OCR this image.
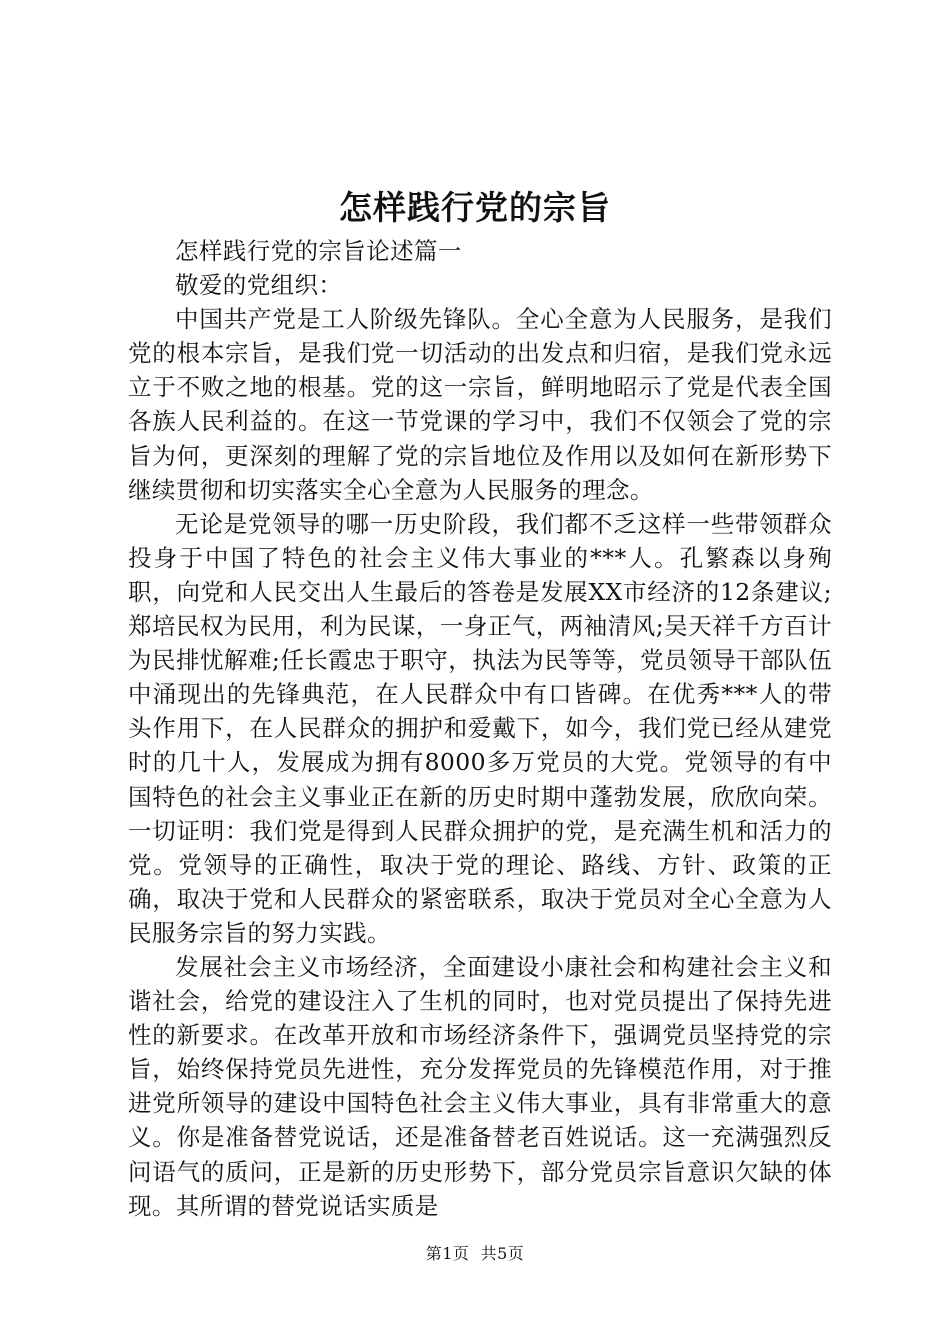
怎样践行党的宗旨

怎样践行党的宗旨论述篇一

敬爱的党组织：

中国共产党是工人阶级先锋队。全心全意为人民服务，是我们党的根本宗旨，是我们党一切活动的出发点和归宿，是我们党永远立于不败之地的根基。党的这一宗旨，鲜明地昭示了党是代表全国各族人民利益的。在这一节党课的学习中，我们不仅领会了党的宗旨为何，更深刻的理解了党的宗旨地位及作用以及如何在新形势下继续贯彻和切实落实全心全意为人民服务的理念。

无论是党领导的哪一历史阶段，我们都不乏这样一些带领群众投身于中国了特色的社会主义伟大事业的***人。孔繁森以身殉职，向党和人民交出人生最后的答卷是发展XX市经济的12条建议;郑培民权为民用，利为民谋，一身正气，两袖清风;吴天祥千方百计为民排忧解难;任长霞忠于职守，执法为民等等，党员领导干部队伍中涌现出的先锋典范，在人民群众中有口皆碑。在优秀***人的带头作用下，在人民群众的拥护和爱戴下，如今，我们党已经从建党时的几十人，发展成为拥有8000多万党员的大党。党领导的有中国特色的社会主义事业正在新的历史时期中蓬勃发展，欣欣向荣。一切证明：我们党是得到人民群众拥护的党，是充满生机和活力的党。党领导的正确性，取决于党的理论、路线、方针、政策的正确，取决于党和人民群众的紧密联系，取决于党员对全心全意为人民服务宗旨的努力实践。

发展社会主义市场经济，全面建设小康社会和构建社会主义和谐社会，给党的建设注入了生机的同时，也对党员提出了保持先进性的新要求。在改革开放和市场经济条件下，强调党员坚持党的宗旨，始终保持党员先进性，充分发挥党员的先锋模范作用，对于推进党所领导的建设中国特色社会主义伟大事业，具有非常重大的意义。你是准备替党说话，还是准备替老百姓说话。这一充满强烈反问语气的质问，正是新的历史形势下，部分党员宗旨意识欠缺的体现。其所谓的替党说话实质是

第1页  共5页
